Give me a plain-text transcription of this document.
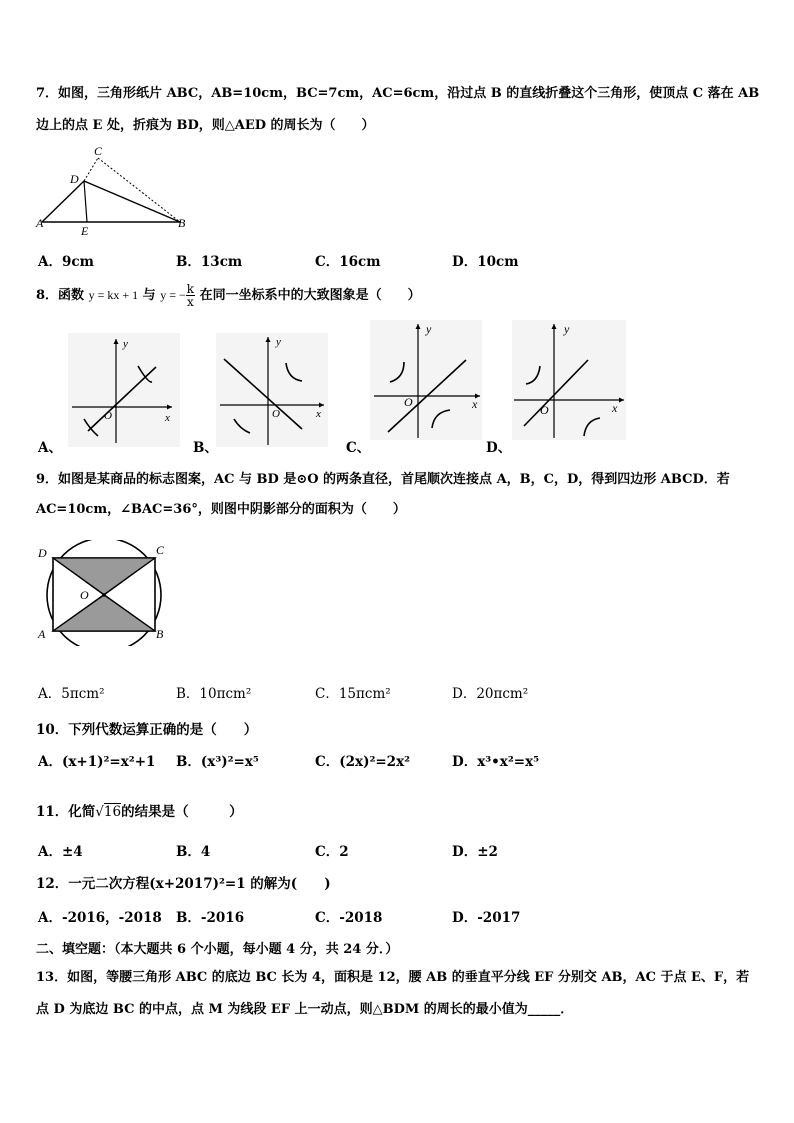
7．如图，三角形纸片 ABC，AB=10cm，BC=7cm，AC=6cm，沿过点 B 的直线折叠这个三角形，使顶点 C 落在 AB
边上的点 E 处，折痕为 BD，则△AED 的周长为（　　）
C
D
A
E
B
A．9cm	B．13cm	C．16cm	D．10cm
8．函数 y = kx + 1 与 y = − $\frac{k}{x}$ 在同一坐标系中的大致图象是（　　）
y
x
O
A、
y
x
O
B、
y
x
O
C、
y
x
O
D、
9．如图是某商品的标志图案，AC 与 BD 是⊙O 的两条直径，首尾顺次连接点 A，B，C，D，得到四边形 ABCD．若
AC=10cm，∠BAC=36°，则图中阴影部分的面积为（　　）
D	C
O
A	B
A．5πcm²	B．10πcm²	C．15πcm²	D．20πcm²
10．下列代数运算正确的是（　　）
A．(x+1)²=x²+1 B．(x³)²=x⁵	C．(2x)²=2x²	D．x³•x²=x⁵
11．化简√16的结果是（　　　）
A．±4	B．4	C．2	D．±2
12．一元二次方程(x+2017)²=1 的解为(　　)
A．-2016，-2018 B．-2016	C．-2018	D．-2017
二、填空题：（本大题共 6 个小题，每小题 4 分，共 24 分．）
13．如图，等腰三角形 ABC 的底边 BC 长为 4，面积是 12，腰 AB 的垂直平分线 EF 分别交 AB，AC 于点 E、F，若
点 D 为底边 BC 的中点，点 M 为线段 EF 上一动点，则△BDM 的周长的最小值为_____．
